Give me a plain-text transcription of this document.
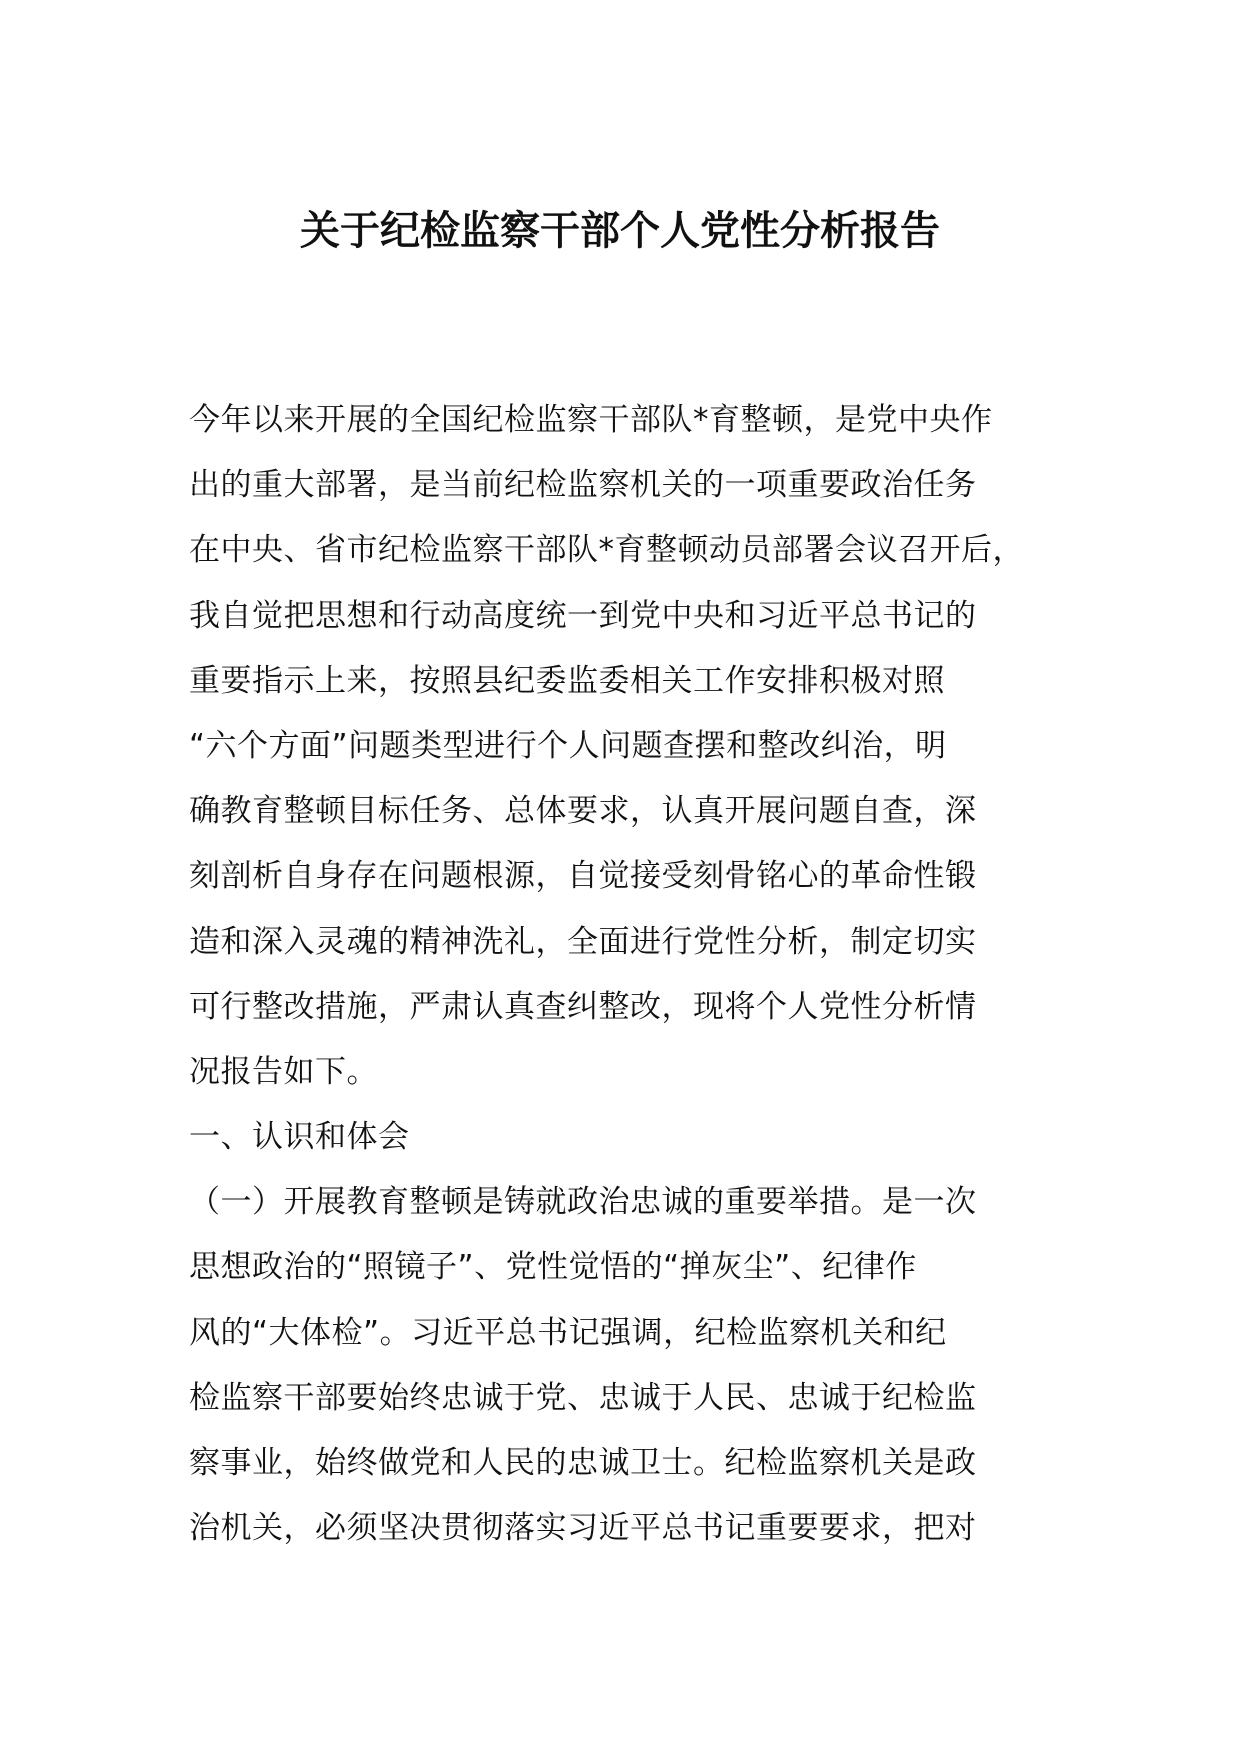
关于纪检监察干部个人党性分析报告
今年以来开展的全国纪检监察干部队*育整顿，是党中央作
出的重大部署，是当前纪检监察机关的一项重要政治任务
在中央、省市纪检监察干部队*育整顿动员部署会议召开后，
我自觉把思想和行动高度统一到党中央和习近平总书记的
重要指示上来，按照县纪委监委相关工作安排积极对照
“六个方面”问题类型进行个人问题查摆和整改纠治，明
确教育整顿目标任务、总体要求，认真开展问题自查，深
刻剖析自身存在问题根源，自觉接受刻骨铭心的革命性锻
造和深入灵魂的精神洗礼，全面进行党性分析，制定切实
可行整改措施，严肃认真查纠整改，现将个人党性分析情
况报告如下。
一、认识和体会
（一）开展教育整顿是铸就政治忠诚的重要举措。是一次
思想政治的“照镜子”、党性觉悟的“掸灰尘”、纪律作
风的“大体检”。习近平总书记强调，纪检监察机关和纪
检监察干部要始终忠诚于党、忠诚于人民、忠诚于纪检监
察事业，始终做党和人民的忠诚卫士。纪检监察机关是政
治机关，必须坚决贯彻落实习近平总书记重要要求，把对
